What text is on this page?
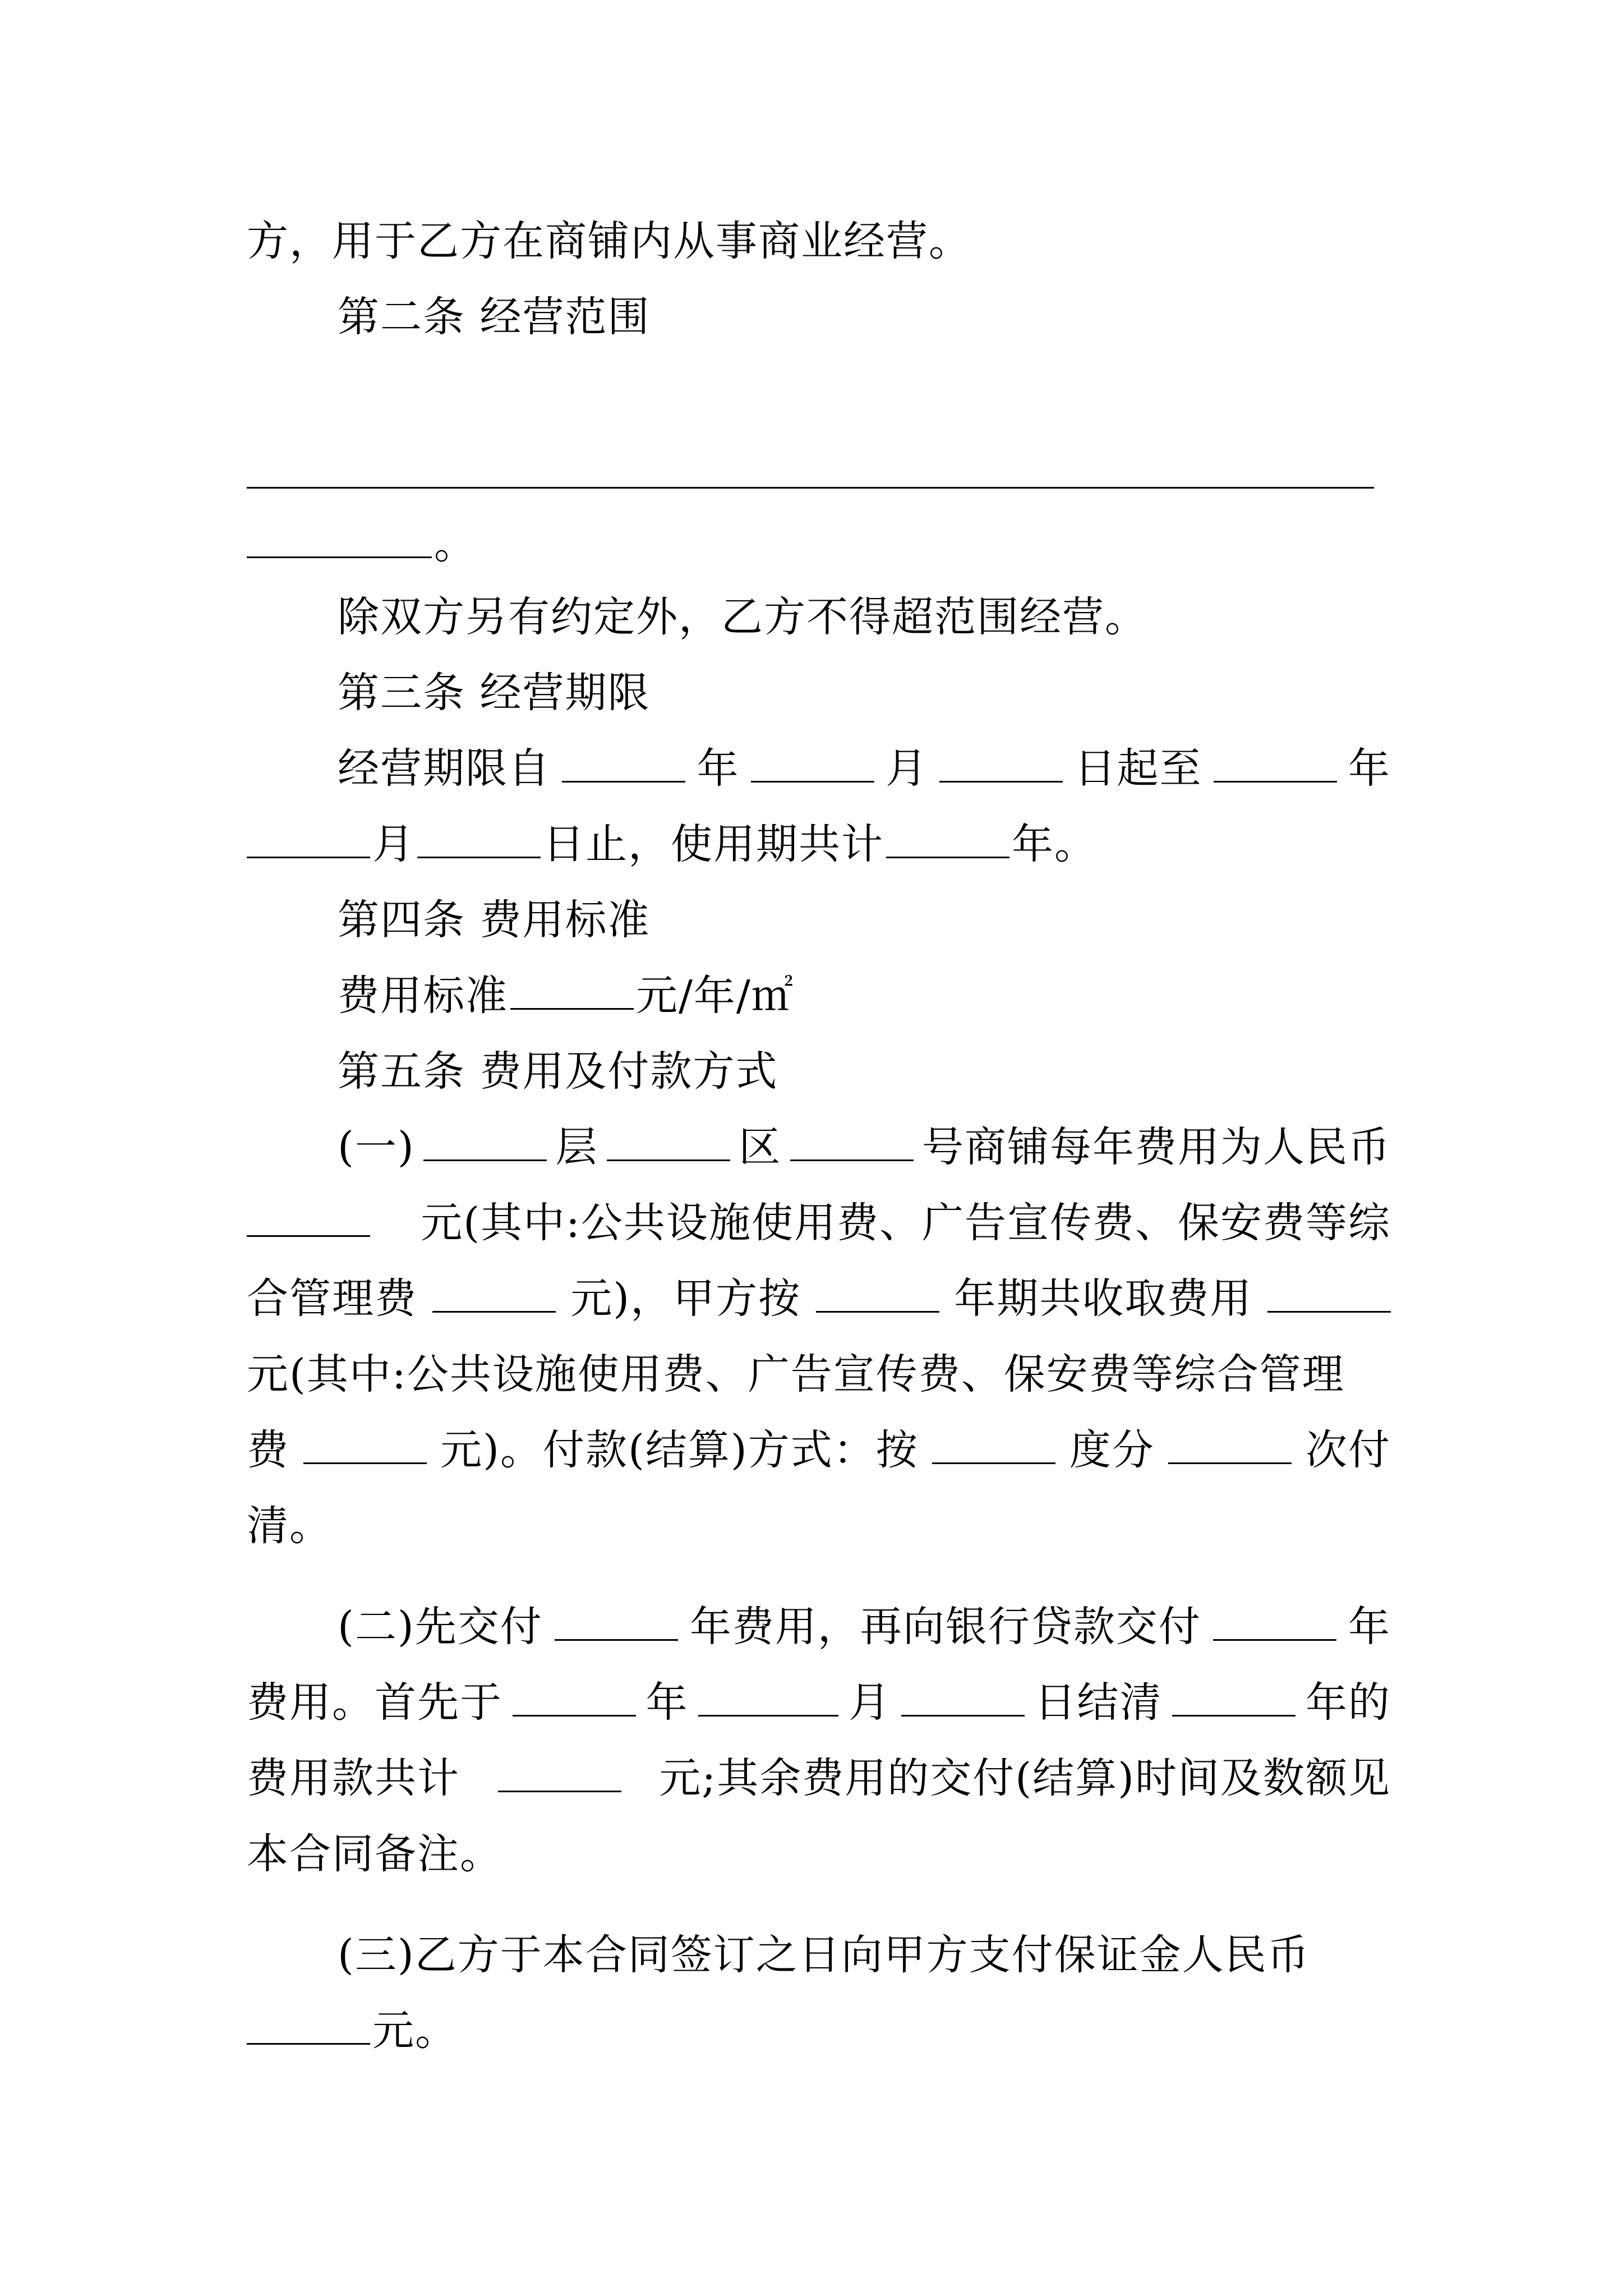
方，用于乙方在商铺内从事商业经营。
第二条 经营范围
。
除双方另有约定外，乙方不得超范围经营。
第三条 经营期限
经营期限自	年	月	日起至	年
月	日止，使用期共计	年。
第四条 费用标准
费用标准	元/年/㎡
第五条 费用及付款方式
(一)	层	区	号商铺每年费用为人民币
元(其中:公共设施使用费、广告宣传费、保安费等综
合管理费	元)，甲方按	年期共收取费用
元(其中:公共设施使用费、广告宣传费、保安费等综合管理
费	元)。付款(结算)方式：按	度分	次付
清。
(二)先交付	年费用，再向银行贷款交付	年
费用。首先于	年	月	日结清	年的
费用款共计	元;其余费用的交付(结算)时间及数额见
本合同备注。
(三)乙方于本合同签订之日向甲方支付保证金人民币
元。
